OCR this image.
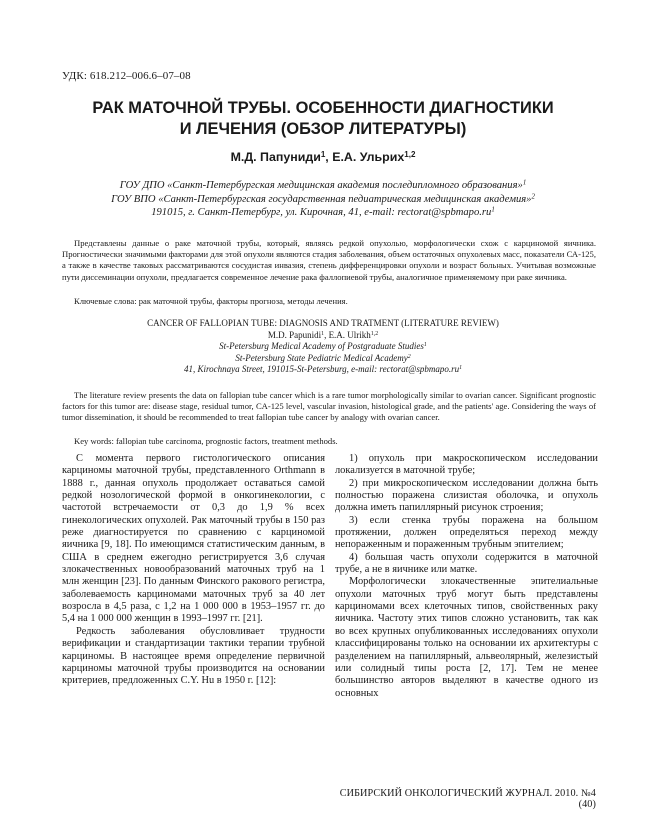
УДК: 618.212–006.6–07–08
РАК МАТОЧНОЙ ТРУБЫ. ОСОБЕННОСТИ ДИАГНОСТИКИ
И ЛЕЧЕНИЯ (ОБЗОР ЛИТЕРАТУРЫ)
М.Д. Папуниди$^1$, Е.А. Ульрих$^{1,2}$
ГОУ ДПО «Санкт-Петербургская медицинская академия последипломного образования»$^1$
ГОУ ВПО «Санкт-Петербургская государственная педиатрическая медицинская академия»$^2$
191015, г. Санкт-Петербург, ул. Кирочная, 41, e-mail: $rectorat@spbmapo.ru^1$

Представлены данные о раке маточной трубы, который, являясь редкой опухолью, морфологически схож с карциномой яичника. Прогностически значимыми факторами для этой опухоли являются стадия заболевания, объем остаточных опухолевых масс, показатели СА-125, а также в качестве таковых рассматриваются сосудистая инвазия, степень дифференцировки опухоли и возраст больных. Учитывая возможные пути диссеминации опухоли, предлагается современное лечение рака фаллопиевой трубы, аналогичное применяемому при раке яичника.

Ключевые слова: рак маточной трубы, факторы прогноза, методы лечения.
CANCER OF FALLOPIAN TUBE: DIAGNOSIS AND TRATMENT (LITERATURE REVIEW)
M.D. Papunidi$^1$, E.A. Ulrikh$^{1,2}$
St-Petersburg Medical Academy of Postgraduate Studies$^1$
St-Petersburg State Pediatric Medical Academy$^2$
41, Kirochnaya Street, 191015-St-Petersburg, e-mail: $rectorat@spbmapo.ru^1$

The literature review presents the data on fallopian tube cancer which is a rare tumor morphologically similar to ovarian cancer. Significant prognostic factors for this tumor are: disease stage, residual tumor, CA-125 level, vascular invasion, histological grade, and the patients' age. Considering the ways of tumor dissemination, it should be recommended to treat fallopian tube cancer by analogy with ovarian cancer.

Key words: fallopian tube carcinoma, prognostic factors, treatment methods.

С момента первого гистологического описания карциномы маточной трубы, представленного Orthmann в 1888 г., данная опухоль продолжает оставаться самой редкой нозологической формой в онкогинекологии, с частотой встречаемости от 0,3 до 1,9 % всех гинекологических опухолей. Рак маточный трубы в 150 раз реже диагностируется по сравнению с карциномой яичника [9, 18]. По имеющимся статистическим данным, в США в среднем ежегодно регистрируется 3,6 случая злокачественных новообразований маточных труб на 1 млн женщин [23]. По данным Финского ракового регистра, заболеваемость карциномами маточных труб за 40 лет возросла в 4,5 раза, с 1,2 на 1 000 000 в 1953–1957 гг. до 5,4 на 1 000 000 женщин в 1993–1997 гг. [21].

Редкость заболевания обусловливает трудности верификации и стандартизации тактики терапии трубной карциномы. В настоящее время определение первичной карциномы маточной трубы производится на основании критериев, предложенных C.Y. Hu в 1950 г. [12]:

1) опухоль при макроскопическом исследовании локализуется в маточной трубе;

2) при микроскопическом исследовании должна быть полностью поражена слизистая оболочка, и опухоль должна иметь папиллярный рисунок строения;

3) если стенка трубы поражена на большом протяжении, должен определяться переход между непораженным и пораженным трубным эпителием;

4) большая часть опухоли содержится в маточной трубе, а не в яичнике или матке.

Морфологически злокачественные эпителиальные опухоли маточных труб могут быть представлены карциномами всех клеточных типов, свойственных раку яичника. Частоту этих типов сложно установить, так как во всех крупных опубликованных исследованиях опухоли классифицированы только на основании их архитектуры с разделением на папиллярный, альвеолярный, железистый или солидный типы роста [2, 17]. Тем не менее большинство авторов выделяют в качестве одного из основных

СИБИРСКИЙ ОНКОЛОГИЧЕСКИЙ ЖУРНАЛ. 2010. №4 (40)
